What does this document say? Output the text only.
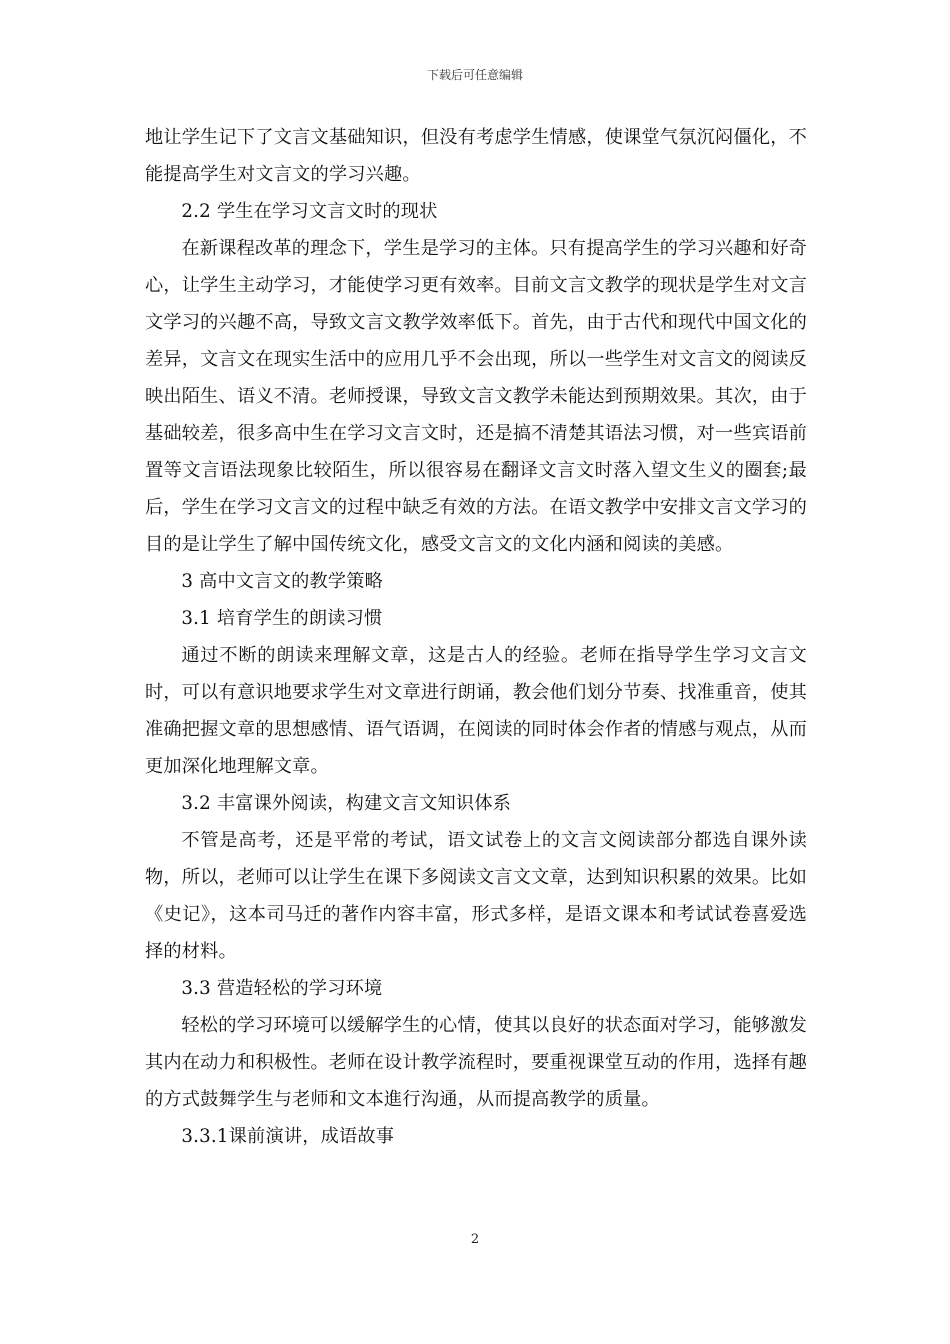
下载后可任意编辑

地让学生记下了文言文基础知识，但没有考虑学生情感，使课堂气氛沉闷僵化，不能提高学生对文言文的学习兴趣。

2.2 学生在学习文言文时的现状

在新课程改革的理念下，学生是学习的主体。只有提高学生的学习兴趣和好奇心，让学生主动学习，才能使学习更有效率。目前文言文教学的现状是学生对文言文学习的兴趣不高，导致文言文教学效率低下。首先，由于古代和现代中国文化的差异，文言文在现实生活中的应用几乎不会出现，所以一些学生对文言文的阅读反映出陌生、语义不清。老师授课，导致文言文教学未能达到预期效果。其次，由于基础较差，很多高中生在学习文言文时，还是搞不清楚其语法习惯，对一些宾语前置等文言语法现象比较陌生，所以很容易在翻译文言文时落入望文生义的圈套;最后，学生在学习文言文的过程中缺乏有效的方法。在语文教学中安排文言文学习的目的是让学生了解中国传统文化，感受文言文的文化内涵和阅读的美感。

3 高中文言文的教学策略

3.1 培育学生的朗读习惯

通过不断的朗读来理解文章，这是古人的经验。老师在指导学生学习文言文时，可以有意识地要求学生对文章进行朗诵，教会他们划分节奏、找准重音，使其准确把握文章的思想感情、语气语调，在阅读的同时体会作者的情感与观点，从而更加深化地理解文章。

3.2 丰富课外阅读，构建文言文知识体系

不管是高考，还是平常的考试，语文试卷上的文言文阅读部分都选自课外读物，所以，老师可以让学生在课下多阅读文言文文章，达到知识积累的效果。比如《史记》，这本司马迁的著作内容丰富，形式多样，是语文课本和考试试卷喜爱选择的材料。

3.3 营造轻松的学习环境

轻松的学习环境可以缓解学生的心情，使其以良好的状态面对学习，能够激发其内在动力和积极性。老师在设计教学流程时，要重视课堂互动的作用，选择有趣的方式鼓舞学生与老师和文本進行沟通，从而提高教学的质量。

3.3.1课前演讲，成语故事

2
